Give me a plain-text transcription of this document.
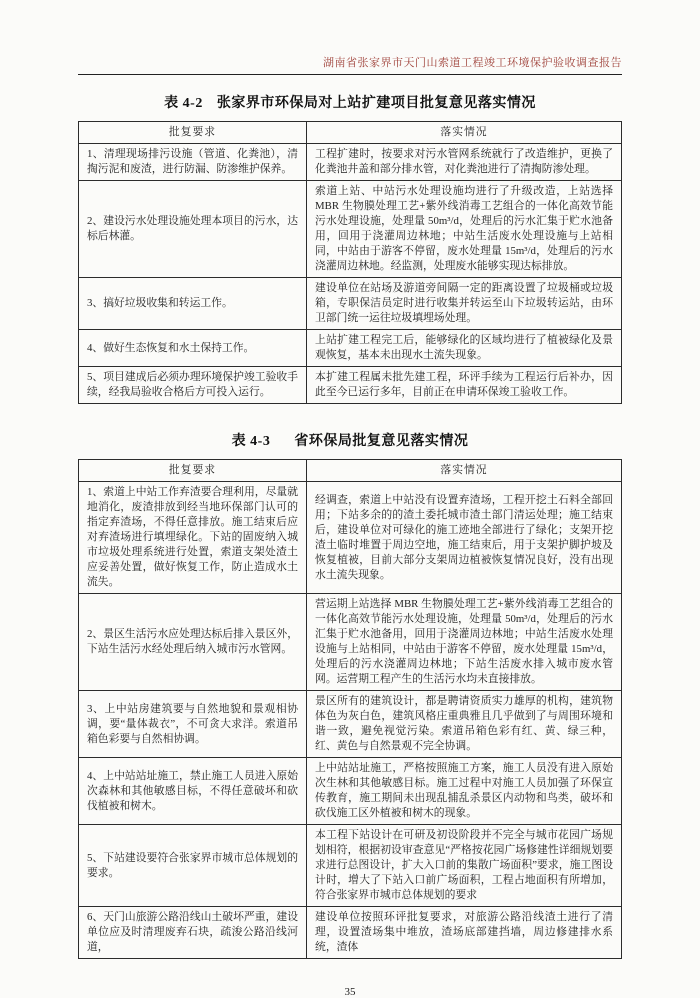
湖南省张家界市天门山索道工程竣工环境保护验收调查报告
表 4-2 张家界市环保局对上站扩建项目批复意见落实情况
批复要求	落实情况
1、清理现场排污设施（管道、化粪池），清掏污泥和废渣，进行防漏、防渗维护保养。	工程扩建时，按要求对污水管网系统就行了改造维护，更换了化粪池井盖和部分排水管，对化粪池进行了清掏防渗处理。
2、建设污水处理设施处理本项目的污水，达标后林灌。	索道上站、中站污水处理设施均进行了升级改造，上站选择 MBR 生物膜处理工艺+紫外线消毒工艺组合的一体化高效节能污水处理设施，处理量 50m³/d，处理后的污水汇集于贮水池备用，回用于浇灌周边林地；中站生活废水处理设施与上站相同，中站由于游客不停留，废水处理量 15m³/d，处理后的污水浇灌周边林地。经监测，处理废水能够实现达标排放。
3、搞好垃圾收集和转运工作。	建设单位在站场及游道旁间隔一定的距离设置了垃圾桶或垃圾箱，专职保洁员定时进行收集并转运至山下垃圾转运站，由环卫部门统一运往垃圾填埋场处理。
4、做好生态恢复和水土保持工作。	上站扩建工程完工后，能够绿化的区域均进行了植被绿化及景观恢复，基本未出现水土流失现象。
5、项目建成后必须办理环境保护竣工验收手续，经我局验收合格后方可投入运行。	本扩建工程属未批先建工程，环评手续为工程运行后补办，因此至今已运行多年，目前正在申请环保竣工验收工作。
表 4-3 省环保局批复意见落实情况
批复要求	落实情况
1、索道上中站工作弃渣要合理利用，尽量就地消化，废渣排放到经当地环保部门认可的指定弃渣场，不得任意排放。施工结束后应对弃渣场进行填埋绿化。下站的固废纳入城市垃圾处理系统进行处置，索道支架处渣土应妥善处置，做好恢复工作，防止造成水土流失。	经调查，索道上中站没有设置弃渣场，工程开挖土石料全部回用；下站多余的的渣土委托城市渣土部门清运处理；施工结束后，建设单位对可绿化的施工迹地全部进行了绿化；支架开挖渣土临时堆置于周边空地，施工结束后，用于支架护脚护坡及恢复植被，目前大部分支架周边植被恢复情况良好，没有出现水土流失现象。
2、景区生活污水应处理达标后排入景区外，下站生活污水经处理后纳入城市污水管网。	营运期上站选择 MBR 生物膜处理工艺+紫外线消毒工艺组合的一体化高效节能污水处理设施，处理量 50m³/d，处理后的污水汇集于贮水池备用，回用于浇灌周边林地；中站生活废水处理设施与上站相同，中站由于游客不停留，废水处理量 15m³/d，处理后的污水浇灌周边林地；下站生活废水排入城市废水管网。运营期工程产生的生活污水均未直接排放。
3、上中站房建筑要与自然地貌和景观相协调，要“量体裁衣”，不可贪大求洋。索道吊箱色彩要与自然相协调。	景区所有的建筑设计，都是聘请资质实力雄厚的机构，建筑物体色为灰白色，建筑风格庄重典雅且几乎做到了与周围环境和谐一致，避免视觉污染。索道吊箱色彩有红、黄、绿三种，红、黄色与自然景观不完全协调。
4、上中站站址施工，禁止施工人员进入原始次森林和其他敏感目标，不得任意破坏和砍伐植被和树木。	上中站站址施工，严格按照施工方案，施工人员没有进入原始次生林和其他敏感目标。施工过程中对施工人员加强了环保宣传教育，施工期间未出现乱捕乱杀景区内动物和鸟类，破坏和砍伐施工区外植被和树木的现象。
5、下站建设要符合张家界市城市总体规划的要求。	本工程下站设计在可研及初设阶段并不完全与城市花园广场规划相符，根据初设审查意见“严格按花园广场修建性详细规划要求进行总图设计，扩大入口前的集散广场面积”要求，施工图设计时，增大了下站入口前广场面积，工程占地面积有所增加，符合张家界市城市总体规划的要求
6、天门山旅游公路沿线山土破坏严重，建设单位应及时清理废弃石块，疏浚公路沿线河道，	建设单位按照环评批复要求，对旅游公路沿线渣土进行了清理，设置渣场集中堆放，渣场底部建挡墙，周边修建排水系统，渣体
35
